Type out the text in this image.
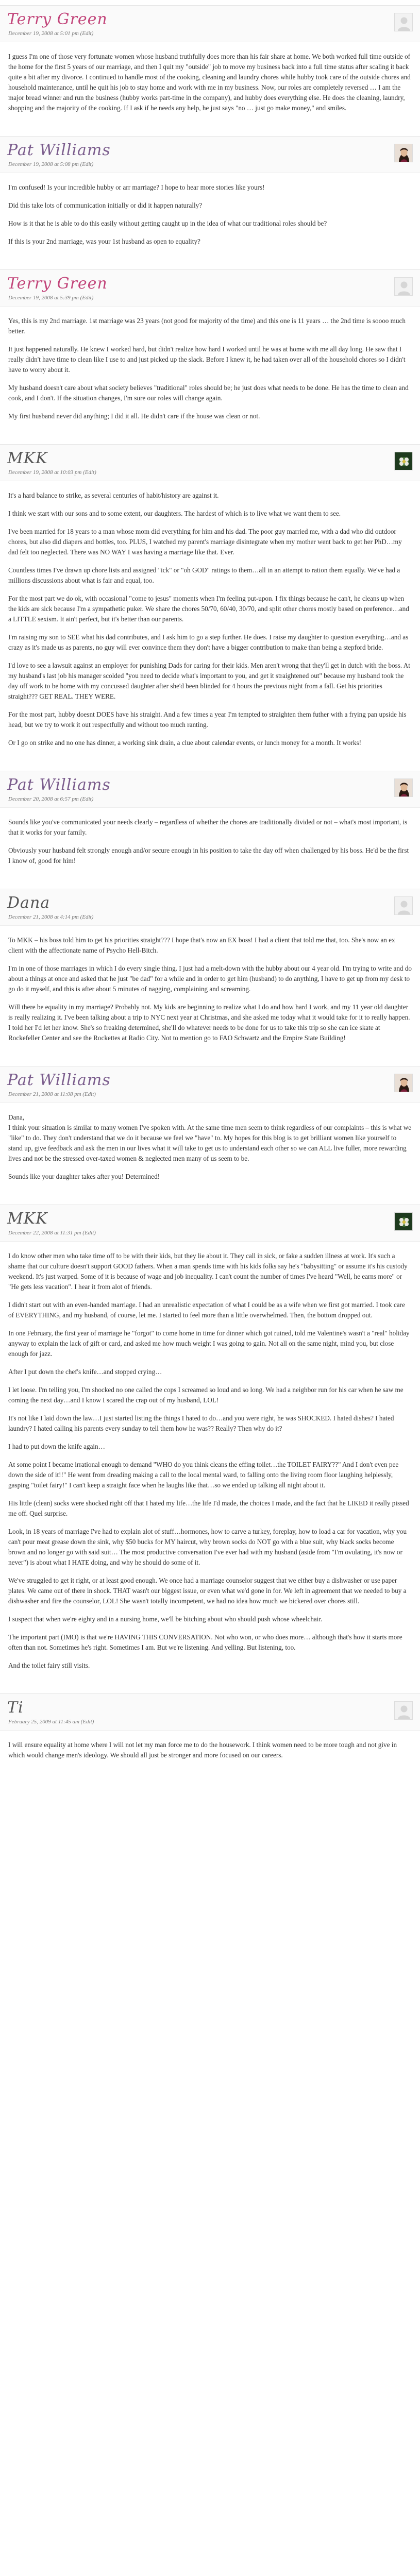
Terry Green
December 19, 2008 at 5:01 pm (Edit)

I guess I'm one of those very fortunate women whose husband truthfully does more than his fair share at home. We both worked full time outside of the home for the first 5 years of our marriage, and then I quit my "outside" job to move my business back into a full time status after scaling it back quite a bit after my divorce. I continued to handle most of the cooking, cleaning and laundry chores while hubby took care of the outside chores and household maintenance, until he quit his job to stay home and work with me in my business. Now, our roles are completely reversed … I am the major bread winner and run the business (hubby works part-time in the company), and hubby does everything else. He does the cleaning, laundry, shopping and the majority of the cooking. If I ask if he needs any help, he just says "no … just go make money," and smiles.

Pat Williams
December 19, 2008 at 5:08 pm (Edit)

I'm confused! Is your incredible hubby or arr marriage? I hope to hear more stories like yours!

Did this take lots of communication initially or did it happen naturally?

How is it that he is able to do this easily without getting caught up in the idea of what our traditional roles should be?

If this is your 2nd marriage, was your 1st husband as open to equality?

Terry Green
December 19, 2008 at 5:39 pm (Edit)

Yes, this is my 2nd marriage. 1st marriage was 23 years (not good for majority of the time) and this one is 11 years … the 2nd time is soooo much better.

It just happened naturally. He knew I worked hard, but didn't realize how hard I worked until he was at home with me all day long. He saw that I really didn't have time to clean like I use to and just picked up the slack. Before I knew it, he had taken over all of the household chores so I didn't have to worry about it.

My husband doesn't care about what society believes "traditional" roles should be; he just does what needs to be done. He has the time to clean and cook, and I don't. If the situation changes, I'm sure our roles will change again.

My first husband never did anything; I did it all. He didn't care if the house was clean or not.

MKK
December 19, 2008 at 10:03 pm (Edit)

It's a hard balance to strike, as several centuries of habit/history are against it.

I think we start with our sons and to some extent, our daughters. The hardest of which is to live what we want them to see.

I've been married for 18 years to a man whose mom did everything for him and his dad. The poor guy married me, with a dad who did outdoor chores, but also did diapers and bottles, too. PLUS, I watched my parent's marriage disintegrate when my mother went back to get her PhD…my dad felt too neglected. There was NO WAY I was having a marriage like that. Ever.

Countless times I've drawn up chore lists and assigned "ick" or "oh GOD" ratings to them…all in an attempt to ration them equally. We've had a millions discussions about what is fair and equal, too.

For the most part we do ok, with occasional "come to jesus" moments when I'm feeling put-upon. I fix things because he can't, he cleans up when the kids are sick because I'm a sympathetic puker. We share the chores 50/70, 60/40, 30/70, and split other chores mostly based on preference…and a LITTLE sexism. It ain't perfect, but it's better than our parents.

I'm raising my son to SEE what his dad contributes, and I ask him to go a step further. He does. I raise my daughter to question everything…and as crazy as it's made us as parents, no guy will ever convince them they don't have a bigger contribution to make than being a stepford bride.

I'd love to see a lawsuit against an employer for punishing Dads for caring for their kids. Men aren't wrong that they'll get in dutch with the boss. At my husband's last job his manager scolded "you need to decide what's important to you, and get it straightened out" because my husband took the day off work to be home with my concussed daughter after she'd been blinded for 4 hours the previous night from a fall. Get his priorities straight??? GET REAL. THEY WERE.

For the most part, hubby doesnt DOES have his straight. And a few times a year I'm tempted to straighten them futher with a frying pan upside his head, but we try to work it out respectfully and without too much ranting.

Or I go on strike and no one has dinner, a working sink drain, a clue about calendar events, or lunch money for a month. It works!

Pat Williams
December 20, 2008 at 6:57 pm (Edit)

Sounds like you've communicated your needs clearly – regardless of whether the chores are traditionally divided or not – what's most important, is that it works for your family.

Obviously your husband felt strongly enough and/or secure enough in his position to take the day off when challenged by his boss. He'd be the first I know of, good for him!

Dana
December 21, 2008 at 4:14 pm (Edit)

To MKK – his boss told him to get his priorities straight??? I hope that's now an EX boss! I had a client that told me that, too. She's now an ex client with the affectionate name of Psycho Hell-Bitch.

I'm in one of those marriages in which I do every single thing. I just had a melt-down with the hubby about our 4 year old. I'm trying to write and do about a things at once and asked that he just "be dad" for a while and in order to get him (husband) to do anything, I have to get up from my desk to go do it myself, and this is after about 5 minutes of nagging, complaining and screaming.

Will there be equality in my marriage? Probably not. My kids are beginning to realize what I do and how hard I work, and my 11 year old daughter is really realizing it. I've been talking about a trip to NYC next year at Christmas, and she asked me today what it would take for it to really happen. I told her I'd let her know. She's so freaking determined, she'll do whatever needs to be done for us to take this trip so she can ice skate at Rockefeller Center and see the Rockettes at Radio City. Not to mention go to FAO Schwartz and the Empire State Building!

Pat Williams
December 21, 2008 at 11:08 pm (Edit)

Dana,
I think your situation is similar to many women I've spoken with. At the same time men seem to think regardless of our complaints – this is what we "like" to do. They don't understand that we do it because we feel we "have" to. My hopes for this blog is to get brilliant women like yourself to stand up, give feedback and ask the men in our lives what it will take to get us to understand each other so we can ALL live fuller, more rewarding lives and not be the stressed over-taxed women & neglected men many of us seem to be.

Sounds like your daughter takes after you! Determined!

MKK
December 22, 2008 at 11:31 pm (Edit)

I do know other men who take time off to be with their kids, but they lie about it. They call in sick, or fake a sudden illness at work. It's such a shame that our culture doesn't support GOOD fathers. When a man spends time with his kids folks say he's "babysitting" or assume it's his custody weekend. It's just warped. Some of it is because of wage and job inequality. I can't count the number of times I've heard "Well, he earns more" or "He gets less vacation". I hear it from alot of friends.

I didn't start out with an even-handed marriage. I had an unrealistic expectation of what I could be as a wife when we first got married. I took care of EVERYTHING, and my husband, of course, let me. I started to feel more than a little overwhelmed. Then, the bottom dropped out.

In one February, the first year of marriage he "forgot" to come home in time for dinner which got ruined, told me Valentine's wasn't a "real" holiday anyway to explain the lack of gift or card, and asked me how much weight I was going to gain. Not all on the same night, mind you, but close enough for jazz.

After I put down the chef's knife…and stopped crying…

I let loose. I'm telling you, I'm shocked no one called the cops I screamed so loud and so long. We had a neighbor run for his car when he saw me coming the next day…and I know I scared the crap out of my husband, LOL!

It's not like I laid down the law…I just started listing the things I hated to do…and you were right, he was SHOCKED. I hated dishes? I hated laundry? I hated calling his parents every sunday to tell them how he was?? Really? Then why do it?

I had to put down the knife again…

At some point I became irrational enough to demand "WHO do you think cleans the effing toilet…the TOILET FAIRY??" And I don't even pee down the side of it!!" He went from dreading making a call to the local mental ward, to falling onto the living room floor laughing helplessly, gasping "toilet fairy!" I can't keep a straight face when he laughs like that…so we ended up talking all night about it.

His little (clean) socks were shocked right off that I hated my life…the life I'd made, the choices I made, and the fact that he LIKED it really pissed me off. Quel surprise.

Look, in 18 years of marriage I've had to explain alot of stuff…hormones, how to carve a turkey, foreplay, how to load a car for vacation, why you can't pour meat grease down the sink, why $50 bucks for MY haircut, why brown socks do NOT go with a blue suit, why black socks become brown and no longer go with said suit… The most productive conversation I've ever had with my husband (aside from "I'm ovulating, it's now or never") is about what I HATE doing, and why he should do some of it.

We've struggled to get it right, or at least good enough. We once had a marriage counselor suggest that we either buy a dishwasher or use paper plates. We came out of there in shock. THAT wasn't our biggest issue, or even what we'd gone in for. We left in agreement that we needed to buy a dishwasher and fire the counselor, LOL! She wasn't totally incompetent, we had no idea how much we bickered over chores still.

I suspect that when we're eighty and in a nursing home, we'll be bitching about who should push whose wheelchair.

The important part (IMO) is that we're HAVING THIS CONVERSATION. Not who won, or who does more… although that's how it starts more often than not. Sometimes he's right. Sometimes I am. But we're listening. And yelling. But listening, too.

And the toilet fairy still visits.

Ti
February 25, 2009 at 11:45 am (Edit)

I will ensure equality at home where I will not let my man force me to do the housework. I think women need to be more tough and not give in which would change men's ideology. We should all just be stronger and more focused on our careers.
